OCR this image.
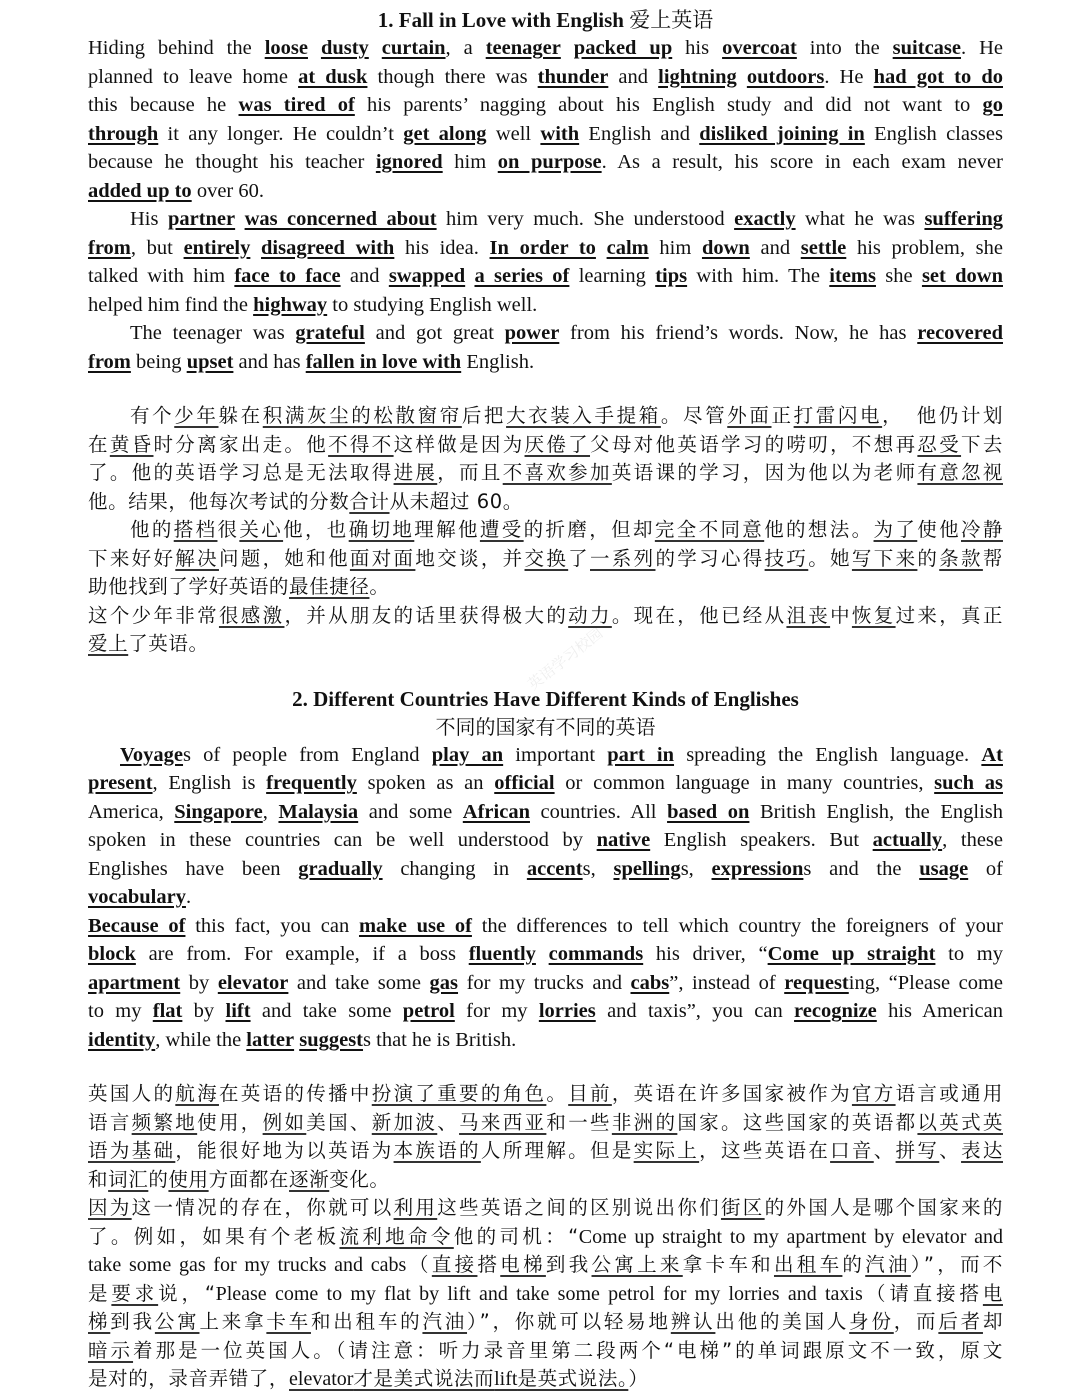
英语学习校园
1. Fall in Love with English 爱上英语
Hiding behind the loose dusty curtain, a teenager packed up his overcoat into the suitcase. He
planned to leave home at dusk though there was thunder and lightning outdoors. He had got to do
this because he was tired of his parents’ nagging about his English study and did not want to go
through it any longer. He couldn’t get along well with English and disliked joining in English classes
because he thought his teacher ignored him on purpose. As a result, his score in each exam never
added up to over 60.
His partner was concerned about him very much. She understood exactly what he was suffering
from, but entirely disagreed with his idea. In order to calm him down and settle his problem, she
talked with him face to face and swapped a series of learning tips with him. The items she set down
helped him find the highway to studying English well.
The teenager was grateful and got great power from his friend’s words. Now, he has recovered
from being upset and has fallen in love with English.
有个少年躲在积满灰尘的松散窗帘后把大衣装入手提箱。尽管外面正打雷闪电，　他仍计划
在黄昏时分离家出走。他不得不这样做是因为厌倦了父母对他英语学习的唠叨，不想再忍受下去
了。他的英语学习总是无法取得进展，而且不喜欢参加英语课的学习，因为他以为老师有意忽视
他。结果，他每次考试的分数合计从未超过 60。
他的搭档很关心他，也确切地理解他遭受的折磨，但却完全不同意他的想法。为了使他冷静
下来好好解决问题，她和他面对面地交谈，并交换了一系列的学习心得技巧。她写下来的条款帮
助他找到了学好英语的最佳捷径。
这个少年非常很感激，并从朋友的话里获得极大的动力。现在，他已经从沮丧中恢复过来，真正
爱上了英语。
2. Different Countries Have Different Kinds of Englishes
不同的国家有不同的英语
Voyages of people from England play an important part in spreading the English language. At
present, English is frequently spoken as an official or common language in many countries, such as
America, Singapore, Malaysia and some African countries. All based on British English, the English
spoken in these countries can be well understood by native English speakers. But actually, these
Englishes have been gradually changing in accents, spellings, expressions and the usage of
vocabulary.
Because of this fact, you can make use of the differences to tell which country the foreigners of your
block are from. For example, if a boss fluently commands his driver, “Come up straight to my
apartment by elevator and take some gas for my trucks and cabs”, instead of requesting, “Please come
to my flat by lift and take some petrol for my lorries and taxis”, you can recognize his American
identity, while the latter suggests that he is British.
英国人的航海在英语的传播中扮演了重要的角色。目前，英语在许多国家被作为官方语言或通用
语言频繁地使用，例如美国、新加波、马来西亚和一些非洲的国家。这些国家的英语都以英式英
语为基础，能很好地为以英语为本族语的人所理解。但是实际上，这些英语在口音、拼写、表达
和词汇的使用方面都在逐渐变化。
因为这一情况的存在，你就可以利用这些英语之间的区别说出你们街区的外国人是哪个国家来的
了。例如，如果有个老板流利地命令他的司机：“Come up straight to my apartment by elevator and
take some gas for my trucks and cabs（直接搭电梯到我公寓上来拿卡车和出租车的汽油）”，而不
是要求说，“Please come to my flat by lift and take some petrol for my lorries and taxis（请直接搭电
梯到我公寓上来拿卡车和出租车的汽油）”，你就可以轻易地辨认出他的美国人身份，而后者却
暗示着那是一位英国人。（请注意：听力录音里第二段两个“电梯”的单词跟原文不一致，原文
是对的，录音弄错了，elevator才是美式说法而lift是英式说法。）
